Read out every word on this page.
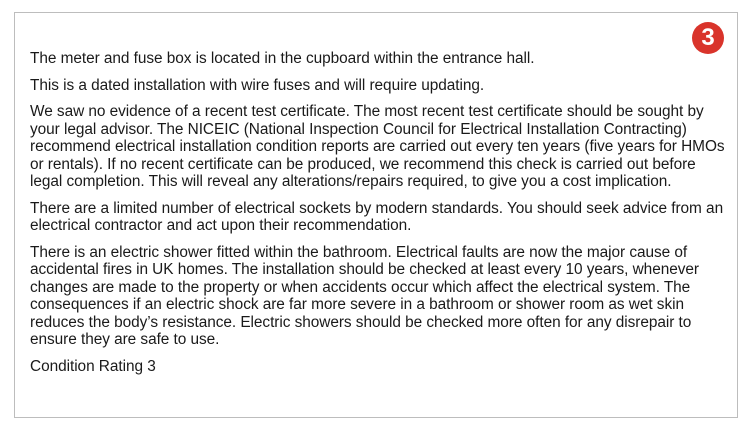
3

The meter and fuse box is located in the cupboard within the entrance hall.

This is a dated installation with wire fuses and will require updating.

We saw no evidence of a recent test certificate. The most recent test certificate should be sought by your legal advisor. The NICEIC (National Inspection Council for Electrical Installation Contracting) recommend electrical installation condition reports are carried out every ten years (five years for HMOs or rentals). If no recent certificate can be produced, we recommend this check is carried out before legal completion. This will reveal any alterations/repairs required, to give you a cost implication.

There are a limited number of electrical sockets by modern standards. You should seek advice from an electrical contractor and act upon their recommendation.

There is an electric shower fitted within the bathroom. Electrical faults are now the major cause of accidental fires in UK homes. The installation should be checked at least every 10 years, whenever changes are made to the property or when accidents occur which affect the electrical system. The consequences if an electric shock are far more severe in a bathroom or shower room as wet skin reduces the body’s resistance. Electric showers should be checked more often for any disrepair to ensure they are safe to use.

Condition Rating 3
